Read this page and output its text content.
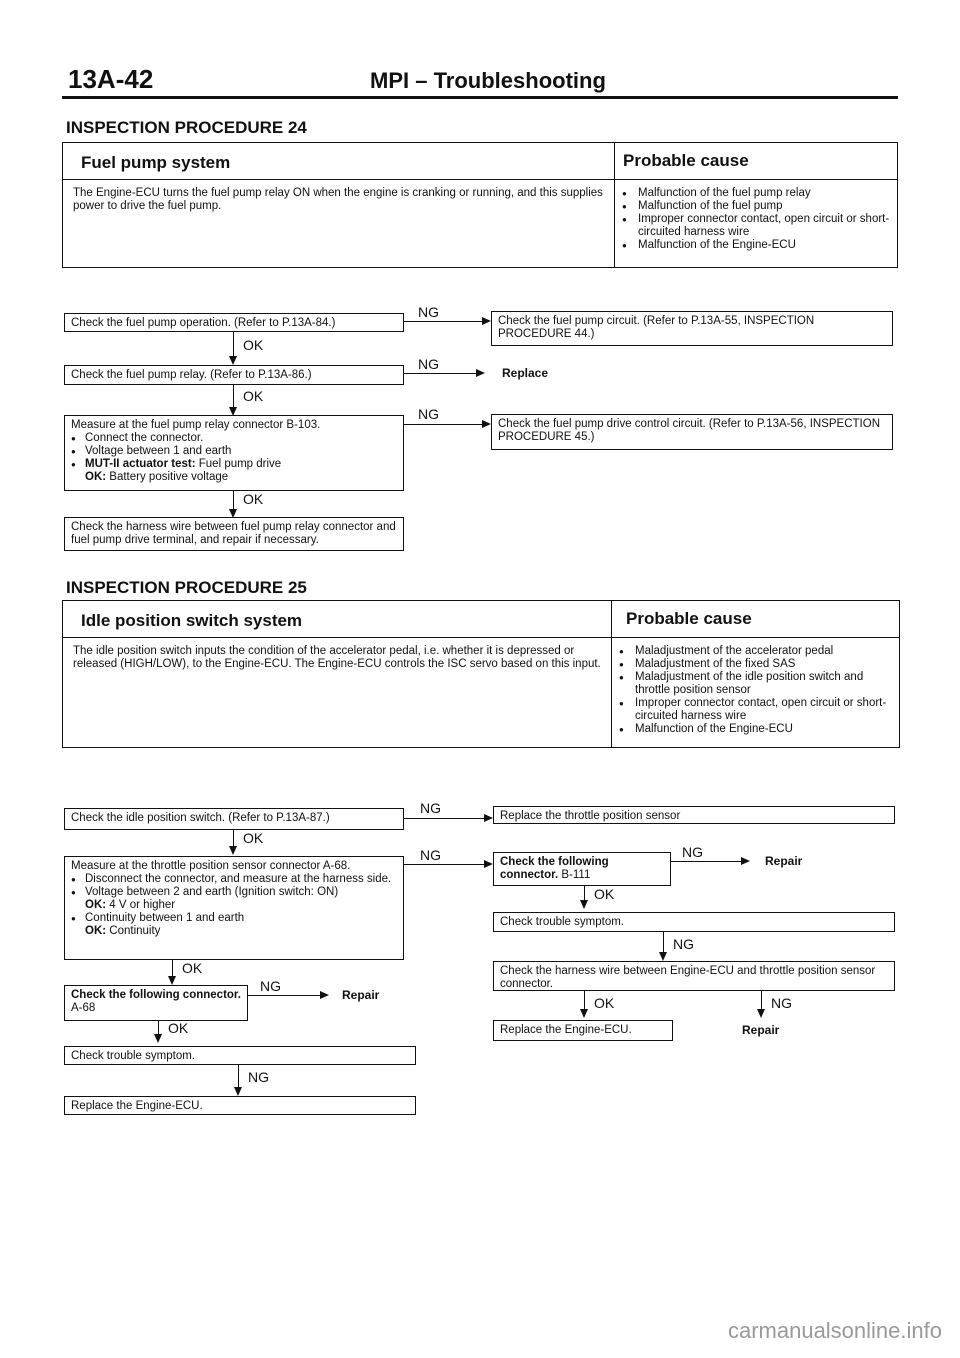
13A-42	MPI – Troubleshooting
INSPECTION PROCEDURE 24
Fuel pump system	Probable cause
The Engine-ECU turns the fuel pump relay ON when the engine is cranking or running, and this supplies power to drive the fuel pump.
● Malfunction of the fuel pump relay
● Malfunction of the fuel pump
● Improper connector contact, open circuit or short-circuited harness wire
● Malfunction of the Engine-ECU
Check the fuel pump operation. (Refer to P.13A-84.)
NG
Check the fuel pump circuit. (Refer to P.13A-55, INSPECTION PROCEDURE 44.)
OK
Check the fuel pump relay. (Refer to P.13A-86.)
NG
Replace
OK
Measure at the fuel pump relay connector B-103.
● Connect the connector.
● Voltage between 1 and earth
● MUT-II actuator test: Fuel pump drive
OK: Battery positive voltage
NG
Check the fuel pump drive control circuit. (Refer to P.13A-56, INSPECTION PROCEDURE 45.)
OK
Check the harness wire between fuel pump relay connector and fuel pump drive terminal, and repair if necessary.
INSPECTION PROCEDURE 25
Idle position switch system	Probable cause
The idle position switch inputs the condition of the accelerator pedal, i.e. whether it is depressed or released (HIGH/LOW), to the Engine-ECU. The Engine-ECU controls the ISC servo based on this input.
● Maladjustment of the accelerator pedal
● Maladjustment of the fixed SAS
● Maladjustment of the idle position switch and throttle position sensor
● Improper connector contact, open circuit or short-circuited harness wire
● Malfunction of the Engine-ECU
Check the idle position switch. (Refer to P.13A-87.)
NG	Replace the throttle position sensor
OK
Measure at the throttle position sensor connector A-68.
● Disconnect the connector, and measure at the harness side.
● Voltage between 2 and earth (Ignition switch: ON)
OK: 4 V or higher
● Continuity between 1 and earth
OK: Continuity
NG
OK
Check the following connector. A-68
NG
Repair
OK
Check trouble symptom.
NG
Replace the Engine-ECU.
Check the following connector. B-111
NG
Repair
OK
Check trouble symptom.
NG
Check the harness wire between Engine-ECU and throttle position sensor connector.
OK	NG
Replace the Engine-ECU.	Repair
carmanualsonline.info
